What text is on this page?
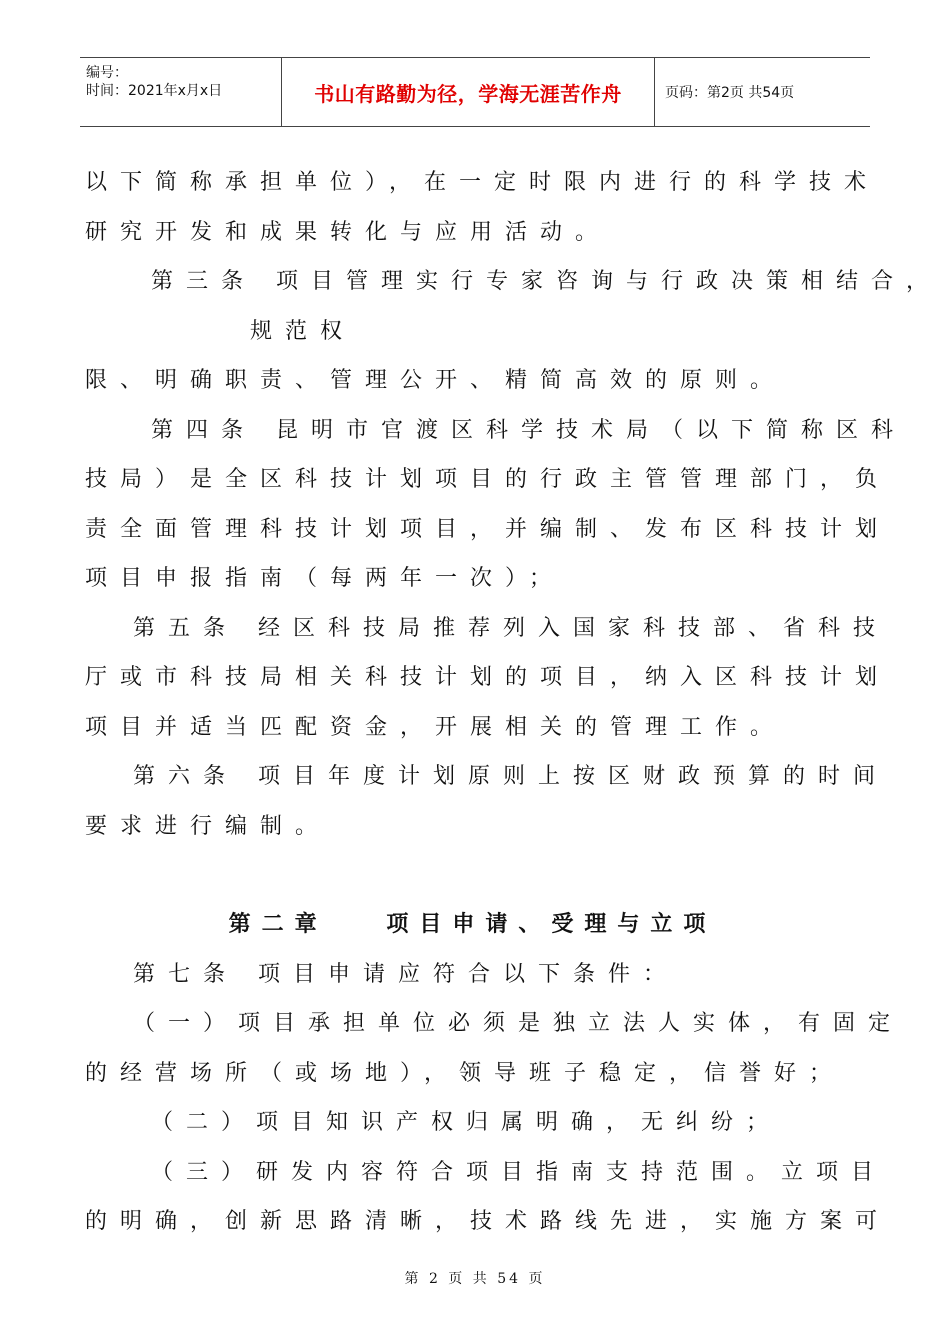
编号：
时间：2021年x月x日	书山有路勤为径，学海无涯苦作舟	页码：第2页 共54页

以下简称承担单位），在一定时限内进行的科学技术

研究开发和成果转化与应用活动。

第三条 项目管理实行专家咨询与行政决策相结合，

规范权

限、明确职责、管理公开、精简高效的原则。

第四条 昆明市官渡区科学技术局（以下简称区科

技局）是全区科技计划项目的行政主管管理部门，负

责全面管理科技计划项目，并编制、发布区科技计划

项目申报指南（每两年一次）；

第五条 经区科技局推荐列入国家科技部、省科技

厅或市科技局相关科技计划的项目，纳入区科技计划

项目并适当匹配资金，开展相关的管理工作。

第六条 项目年度计划原则上按区财政预算的时间

要求进行编制。

第二章 项目申请、受理与立项

第七条 项目申请应符合以下条件：

（一）项目承担单位必须是独立法人实体，有固定

的经营场所（或场地），领导班子稳定，信誉好；

（二）项目知识产权归属明确，无纠纷；

（三）研发内容符合项目指南支持范围。立项目

的明确，创新思路清晰，技术路线先进，实施方案可

第 2 页 共 54 页
